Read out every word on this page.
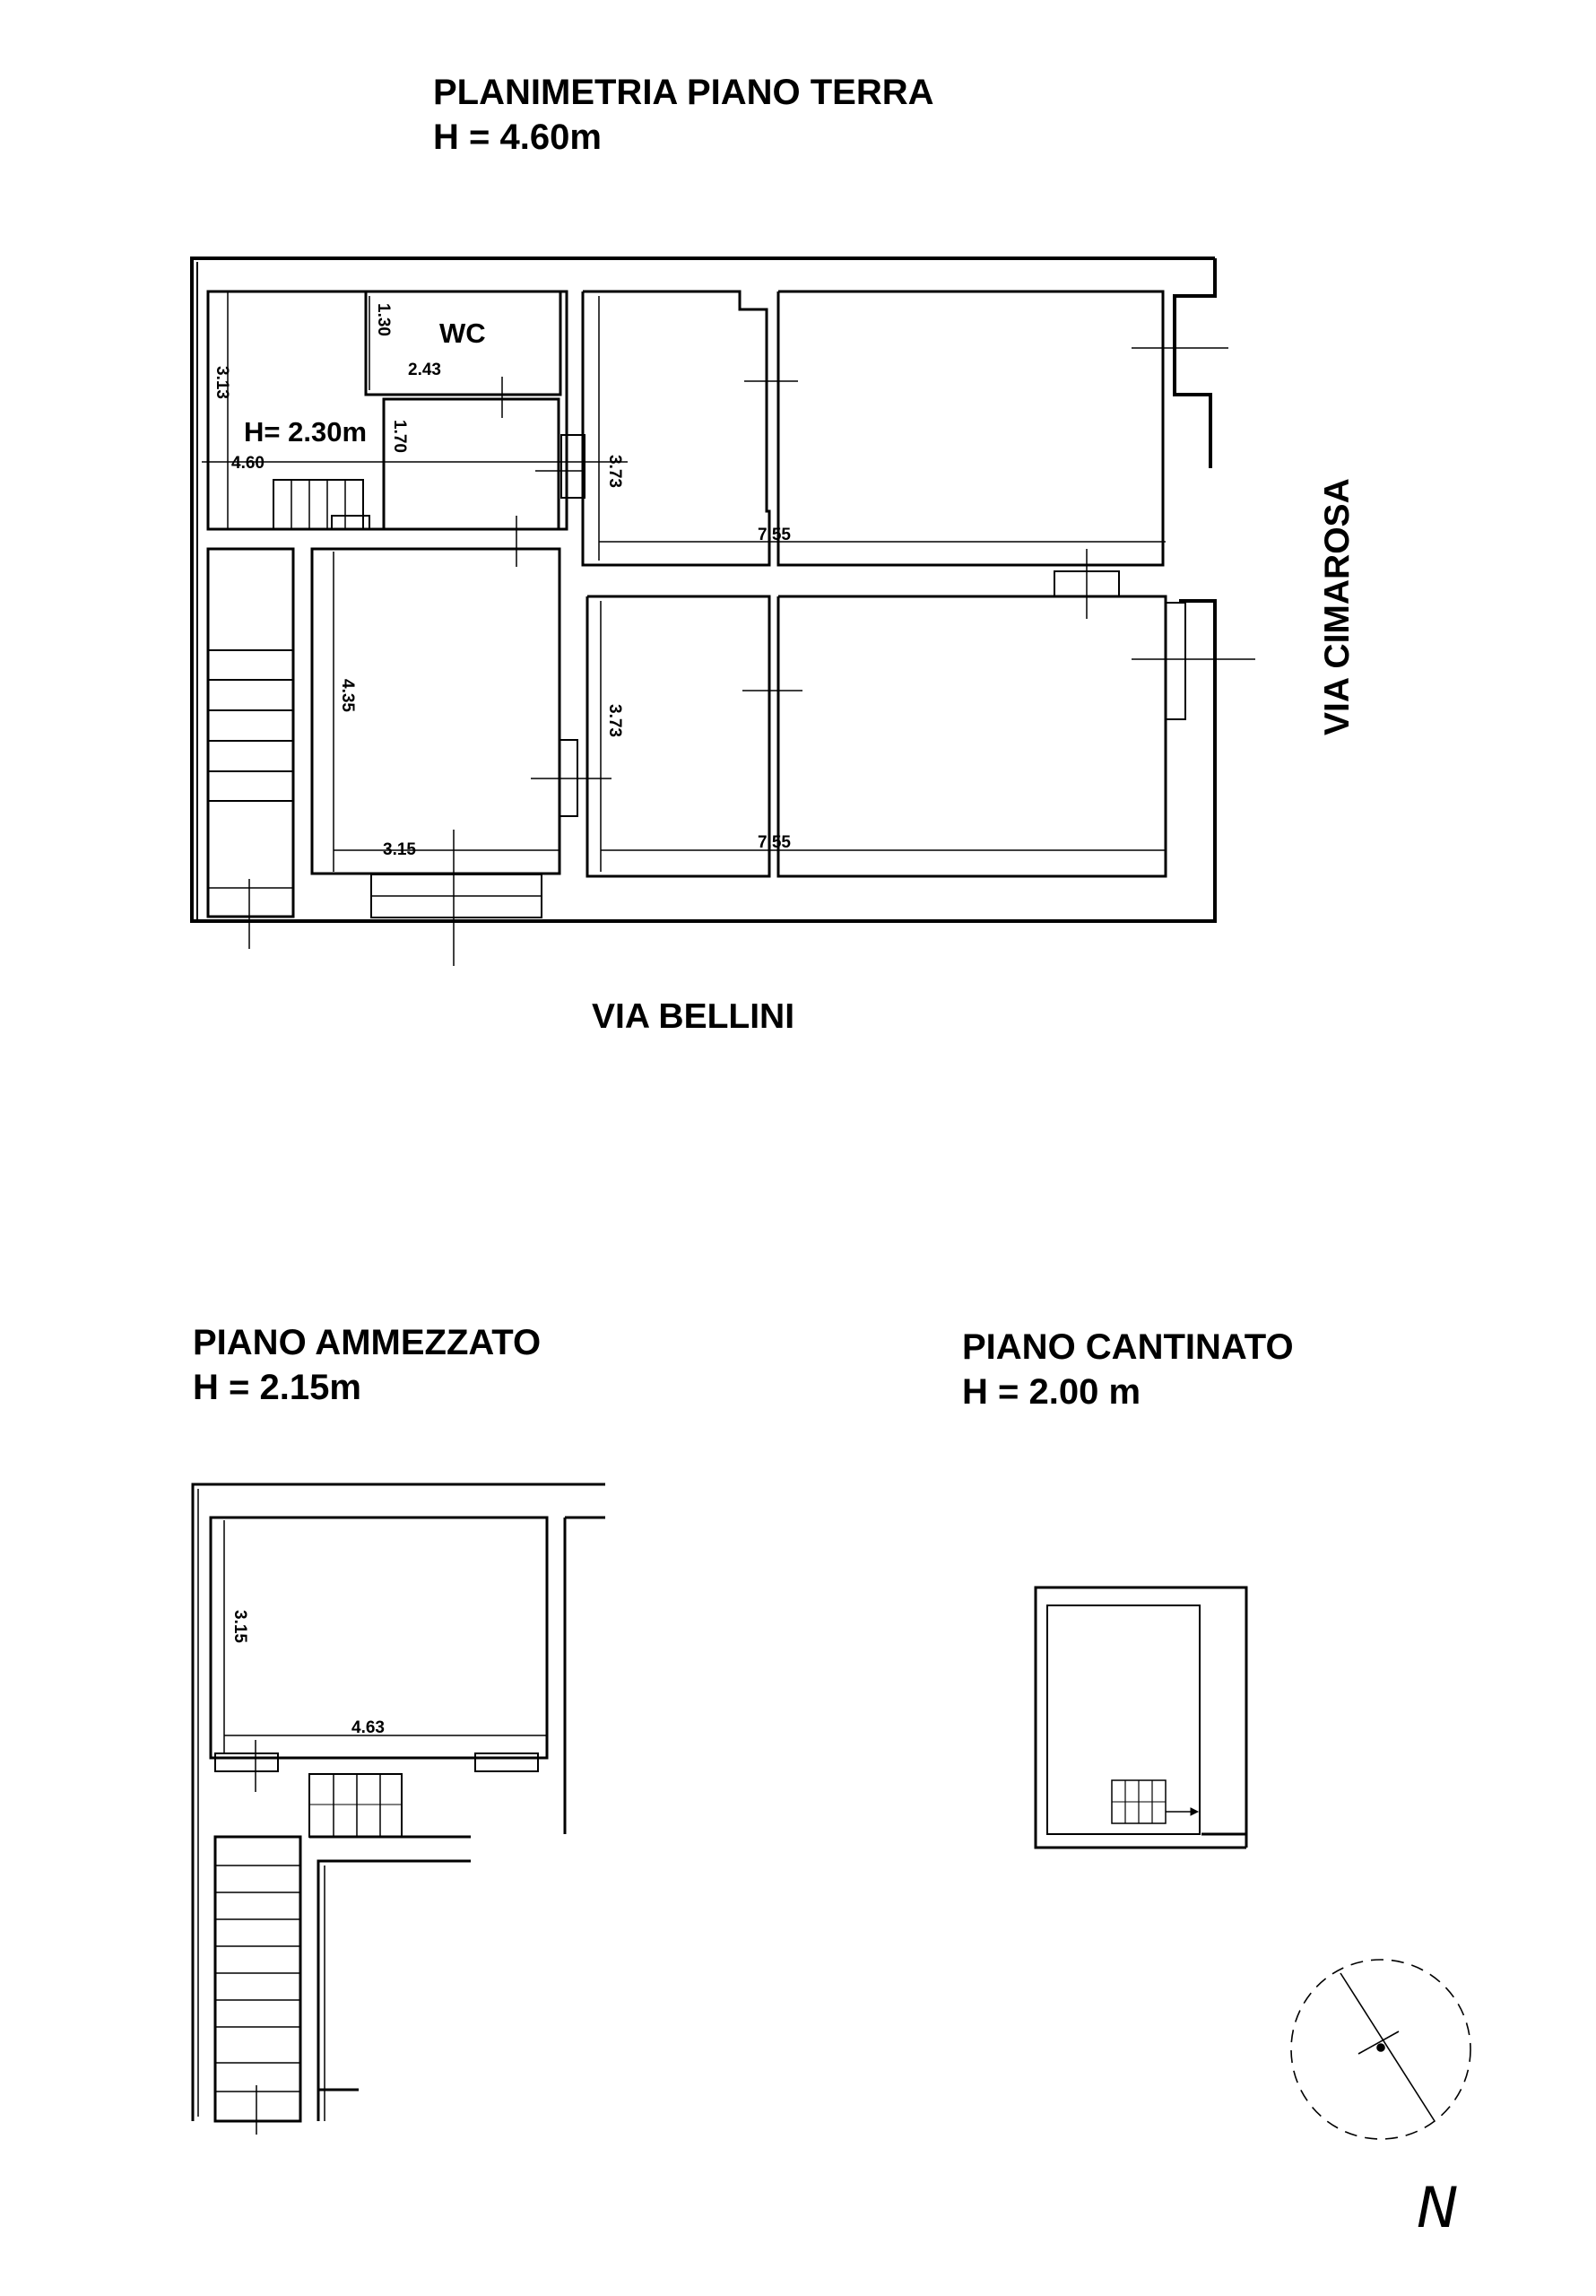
PLANIMETRIA PIANO TERRA
H = 4.60m
PIANO AMMEZZATO
H = 2.15m
PIANO CANTINATO
H = 2.00 m
VIA BELLINI
VIA CIMAROSA
3.13
1.30
2.43
1.70
4.60	3.73
7.55
4.35
3.15
3.73
7.55
3.15
4.63
WC
H= 2.30m
N
